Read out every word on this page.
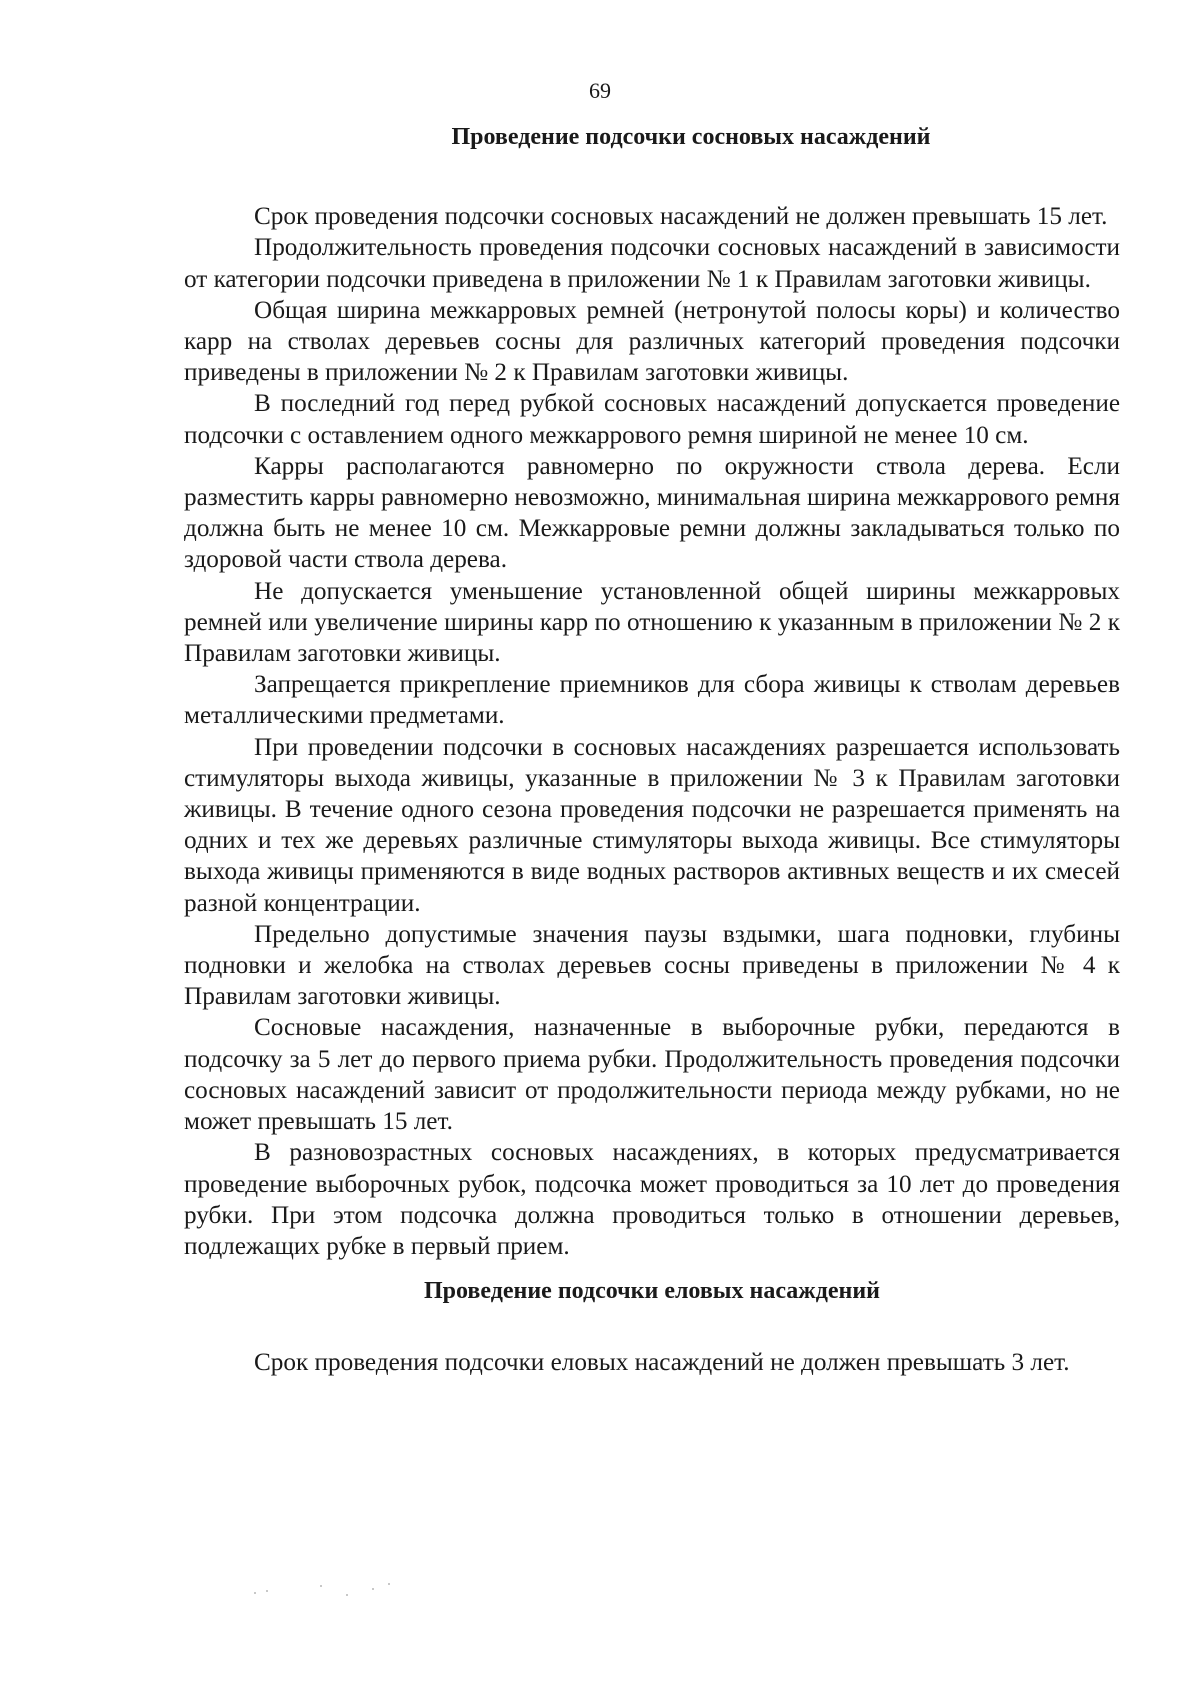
69
Проведение подсочки сосновых насаждений

Срок проведения подсочки сосновых насаждений не должен превышать 15 лет.

Продолжительность проведения подсочки сосновых насаждений в зависимости от категории подсочки приведена в приложении № 1 к Правилам заготовки живицы.

Общая ширина межкарровых ремней (нетронутой полосы коры) и количество карр на стволах деревьев сосны для различных категорий проведения подсочки приведены в приложении № 2 к Правилам заготовки живицы.

В последний год перед рубкой сосновых насаждений допускается проведение подсочки с оставлением одного межкаррового ремня шириной не менее 10 см.

Карры располагаются равномерно по окружности ствола дерева. Если разместить карры равномерно невозможно, минимальная ширина межкаррового ремня должна быть не менее 10 см. Межкарровые ремни должны закладываться только по здоровой части ствола дерева.

Не допускается уменьшение установленной общей ширины межкарровых ремней или увеличение ширины карр по отношению к указанным в приложении № 2 к Правилам заготовки живицы.

Запрещается прикрепление приемников для сбора живицы к стволам деревьев металлическими предметами.

При проведении подсочки в сосновых насаждениях разрешается использовать стимуляторы выхода живицы, указанные в приложении № 3 к Правилам заготовки живицы. В течение одного сезона проведения подсочки не разрешается применять на одних и тех же деревьях различные стимуляторы выхода живицы. Все стимуляторы выхода живицы применяются в виде водных растворов активных веществ и их смесей разной концентрации.

Предельно допустимые значения паузы вздымки, шага подновки, глубины подновки и желобка на стволах деревьев сосны приведены в приложении № 4 к Правилам заготовки живицы.

Сосновые насаждения, назначенные в выборочные рубки, передаются в подсочку за 5 лет до первого приема рубки. Продолжительность проведения подсочки сосновых насаждений зависит от продолжительности периода между рубками, но не может превышать 15 лет.

В разновозрастных сосновых насаждениях, в которых предусматривается проведение выборочных рубок, подсочка может проводиться за 10 лет до проведения рубки. При этом подсочка должна проводиться только в отношении деревьев, подлежащих рубке в первый прием.

Проведение подсочки еловых насаждений

Срок проведения подсочки еловых насаждений не должен превышать 3 лет.
